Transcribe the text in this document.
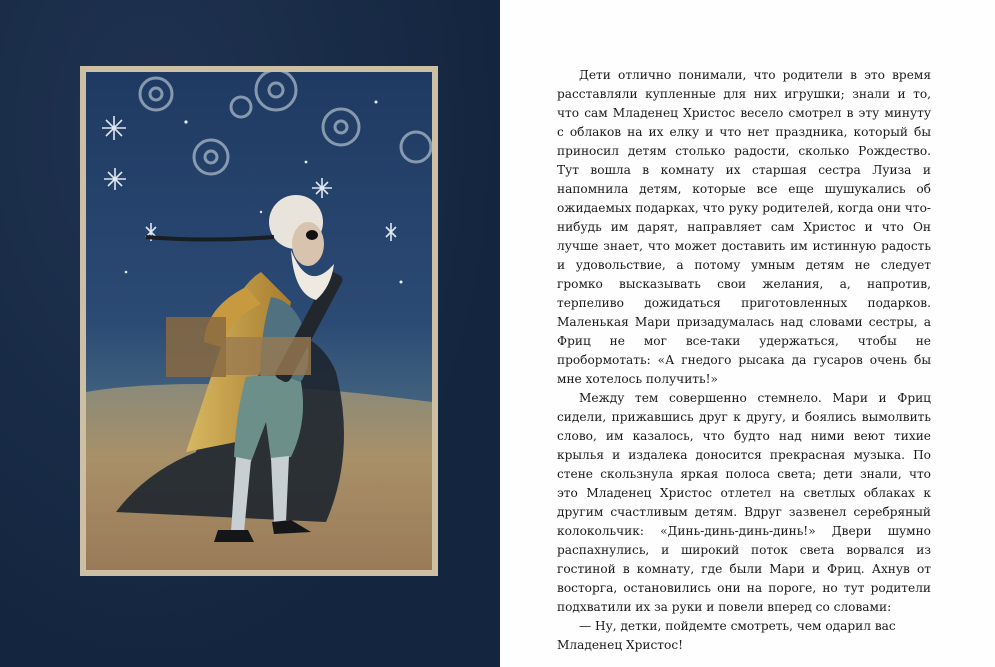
Дети отлично понимали, что родители в это время расставляли купленные для них игрушки; знали и то, что сам Младенец Христос весело смотрел в эту минуту с облаков на их елку и что нет праздника, который бы приносил детям столько радости, сколько Рождество. Тут вошла в комнату их старшая сестра Луиза и напомнила детям, которые все еще шушукались об ожидаемых подарках, что руку родителей, когда они что-нибудь им дарят, направляет сам Христос и что Он лучше знает, что может доставить им истинную радость и удовольствие, а потому умным детям не следует громко высказывать свои желания, а, напротив, терпеливо дожидаться приготовленных подарков. Маленькая Мари призадумалась над словами сестры, а Фриц не мог все-таки удержаться, чтобы не пробормотать: «А гнедого рысака да гусаров очень бы мне хотелось получить!»

Между тем совершенно стемнело. Мари и Фриц сидели, прижавшись друг к другу, и боялись вымолвить слово, им казалось, что будто над ними веют тихие крылья и издалека доносится прекрасная музыка. По стене скользнула яркая полоса света; дети знали, что это Младенец Христос отлетел на светлых облаках к другим счастливым детям. Вдруг зазвенел серебряный колокольчик: «Динь-динь-динь-динь!» Двери шумно распахнулись, и широкий поток света ворвался из гостиной в комнату, где были Мари и Фриц. Ахнув от восторга, остановились они на пороге, но тут родители подхватили их за руки и повели вперед со словами:

— Ну, детки, пойдемте смотреть, чем одарил вас Младенец Христос!
